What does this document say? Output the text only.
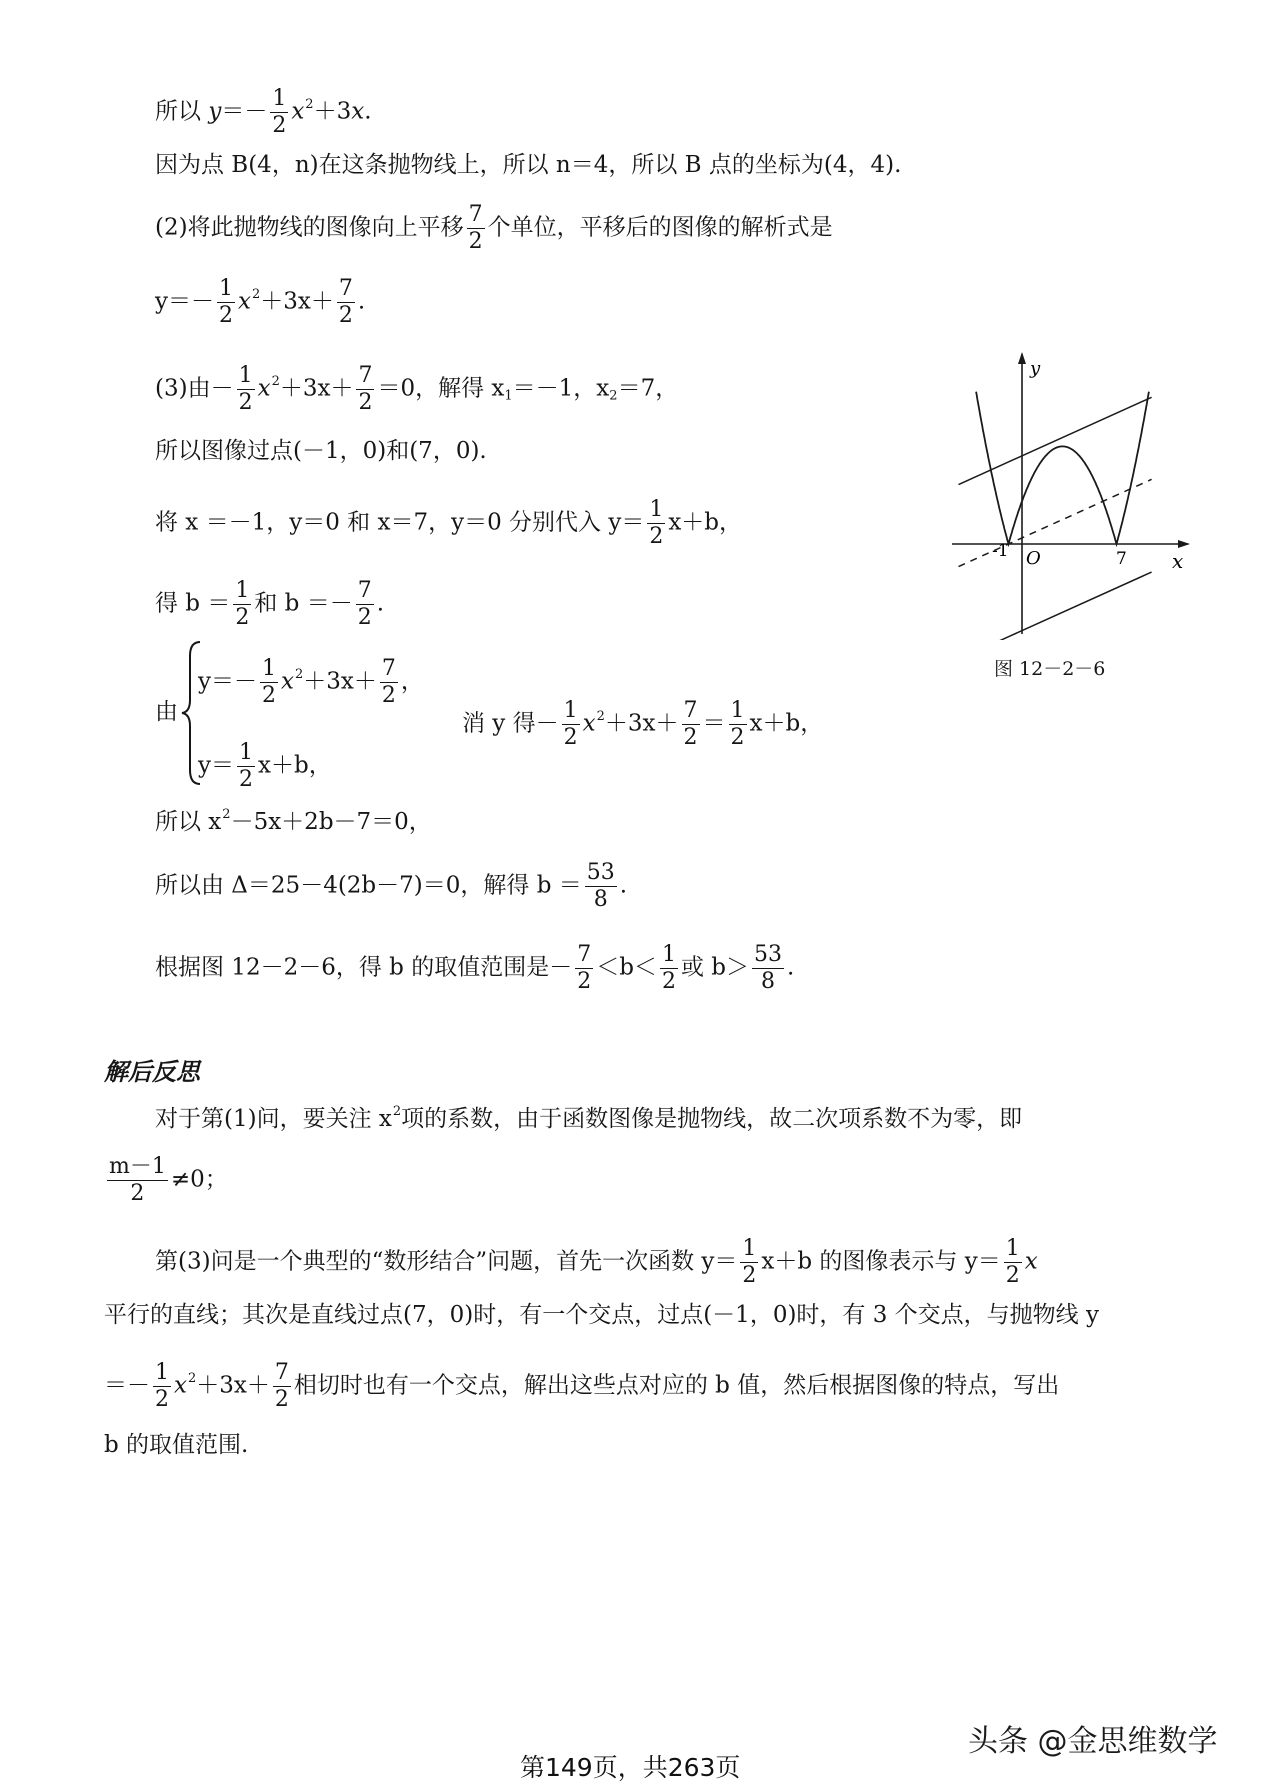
所以 $y=- \frac{1}{2} x^2+3x$.
因为点 B(4，n)在这条抛物线上，所以 n＝4，所以 B 点的坐标为(4，4).
(2)将此抛物线的图像向上平移 $\frac{7}{2}$ 个单位，平移后的图像的解析式是
$y=- \frac{1}{2} x^2+3x+ \frac{7}{2}$ .
(3)由－ $\frac{1}{2} x^2+3x+ \frac{7}{2} =0$，解得 $x_1=-1$，$x_2=7$，
所以图像过点(－1，0)和(7，0).
将 x ＝－1，y＝0 和 x＝7，y＝0 分别代入 $y= \frac{1}{2} x+b$，
得 $b = \frac{1}{2}$ 和 $b =- \frac{7}{2}$ .
由
$y=- \frac{1}{2} x^2+3x+ \frac{7}{2}$ ，
$y= \frac{1}{2} x+b$，
消 y 得－ $\frac{1}{2} x^2+3x+ \frac{7}{2} = \frac{1}{2} x+b$，
所以 $x^2-5x+2b-7=0$，
所以由 Δ＝25－4(2b－7)＝0，解得 $b = \frac{53}{8}$ .
根据图 12－2－6，得 b 的取值范围是－ $\frac{7}{2} <b< \frac{1}{2}$ 或 $b> \frac{53}{8}$ .
y
x
O
-1	7
图 12－2－6
解后反思
对于第(1)问，要关注 $x^2$项的系数，由于函数图像是抛物线，故二次项系数不为零，即
$\frac{m-1}{2} \ne 0$；
第(3)问是一个典型的“数形结合”问题，首先一次函数 $y= \frac{1}{2} x+b$ 的图像表示与 $y= \frac{1}{2}$ x
平行的直线；其次是直线过点(7，0)时，有一个交点，过点(－1，0)时，有 3 个交点，与抛物线 y
＝－ $\frac{1}{2} x^2+3x+ \frac{7}{2}$ 相切时也有一个交点，解出这些点对应的 b 值，然后根据图像的特点，写出
b 的取值范围.
头条 @金思维数学
第149页，共263页
